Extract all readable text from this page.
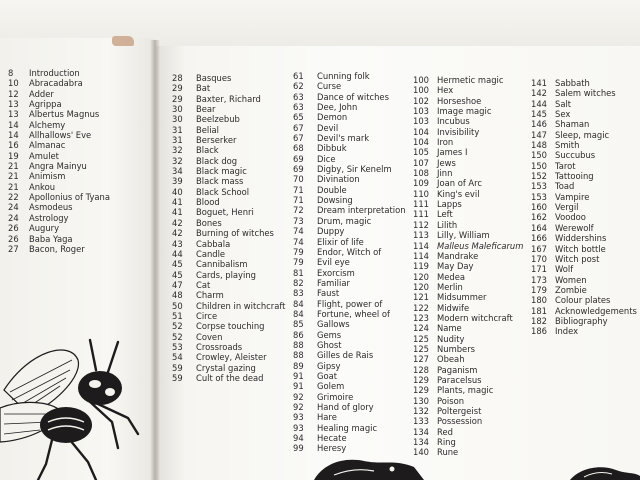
8 Introduction
10 Abracadabra
12 Adder
13 Agrippa
13 Albertus Magnus
14 Alchemy
14 Allhallows' Eve
16 Almanac
19 Amulet
21 Angra Mainyu
21 Animism
21 Ankou
22 Apollonius of Tyana
24 Asmodeus
24 Astrology
26 Augury
26 Baba Yaga
27 Bacon, Roger
28 Basques
29 Bat
29 Baxter, Richard
30 Bear
30 Beelzebub
31 Belial
31 Berserker
32 Black
32 Black dog
34 Black magic
39 Black mass
40 Black School
41 Blood
41 Boguet, Henri
42 Bones
42 Burning of witches
43 Cabbala
44 Candle
45 Cannibalism
45 Cards, playing
47 Cat
48 Charm
50 Children in witchcraft
51 Circe
52 Corpse touching
52 Coven
53 Crossroads
54 Crowley, Aleister
59 Crystal gazing
59 Cult of the dead
61 Cunning folk
62 Curse
63 Dance of witches
63 Dee, John
65 Demon
67 Devil
67 Devil's mark
68 Dibbuk
69 Dice
69 Digby, Sir Kenelm
70 Divination
71 Double
71 Dowsing
72 Dream interpretation
73 Drum, magic
74 Duppy
74 Elixir of life
79 Endor, Witch of
79 Evil eye
81 Exorcism
82 Familiar
83 Faust
84 Flight, power of
84 Fortune, wheel of
85 Gallows
86 Gems
88 Ghost
88 Gilles de Rais
89 Gipsy
91 Goat
91 Golem
92 Grimoire
92 Hand of glory
93 Hare
93 Healing magic
94 Hecate
99 Heresy
100 Hermetic magic
100 Hex
102 Horseshoe
103 Image magic
103 Incubus
104 Invisibility
104 Iron
105 James I
107 Jews
108 Jinn
109 Joan of Arc
110 King's evil
111 Lapps
111 Left
112 Lilith
113 Lilly, William
114 Malleus Maleficarum
114 Mandrake
119 May Day
120 Medea
120 Merlin
121 Midsummer
122 Midwife
123 Modern witchcraft
124 Name
125 Nudity
125 Numbers
127 Obeah
128 Paganism
129 Paracelsus
129 Plants, magic
130 Poison
132 Poltergeist
133 Possession
134 Red
134 Ring
140 Rune
141 Sabbath
142 Salem witches
144 Salt
145 Sex
146 Shaman
147 Sleep, magic
148 Smith
150 Succubus
150 Tarot
152 Tattooing
153 Toad
153 Vampire
160 Vergil
162 Voodoo
164 Werewolf
166 Widdershins
167 Witch bottle
170 Witch post
171 Wolf
173 Women
179 Zombie
180 Colour plates
181 Acknowledgements
182 Bibliography
186 Index
